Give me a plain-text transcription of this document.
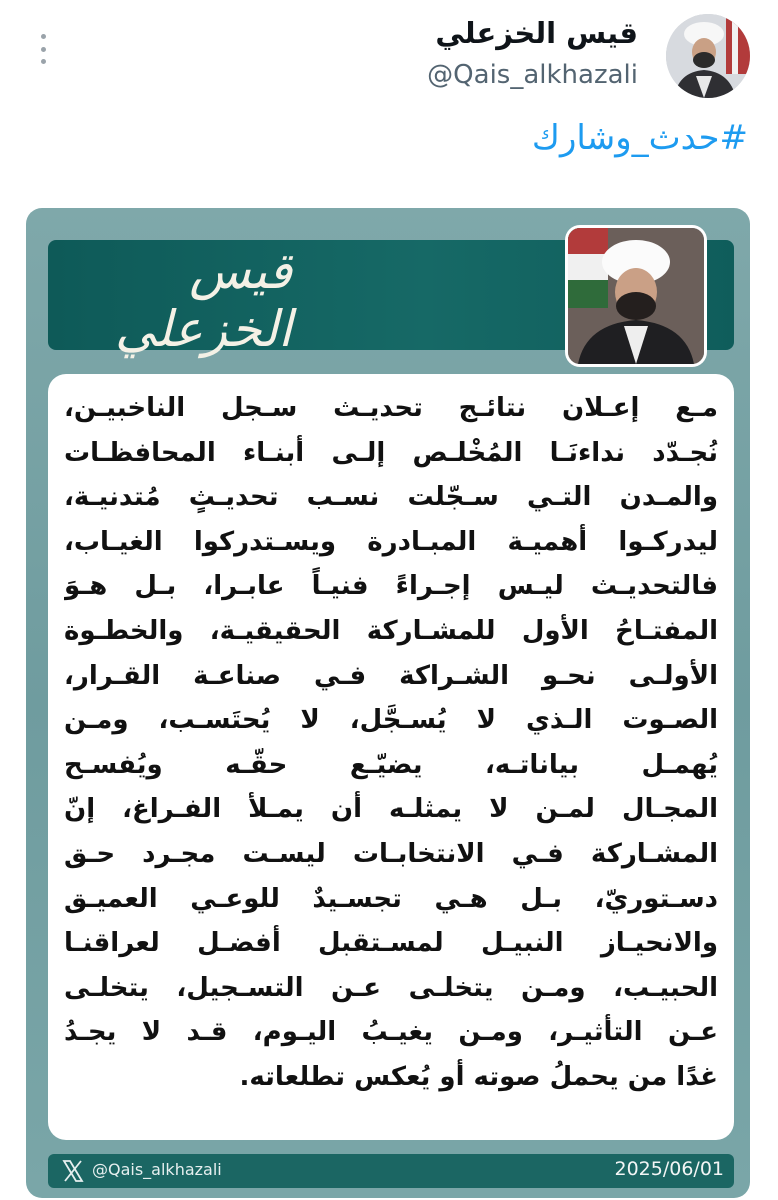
قيس الخزعلي
@Qais_alkhazali
#حدث_وشارك
قيس الخزعلي
مـع إعـلان نتائـج تحديـث سـجل الناخبيـن،
نُجـدّد نداءنَـا المُخْلـص إلـى أبنـاء المحافظـات
والمـدن التـي سـجّلت نسـب تحديـثٍ مُتدنيـة،
ليدركـوا أهميـة المبـادرة ويسـتدركوا الغيـاب،
فالتحديـث ليـس إجـراءً فنيـاً عابـرا، بـل هـوَ
المفتـاحُ الأول للمشـاركة الحقيقيـة، والخطـوة
الأولـى نحـو الشـراكة فـي صناعـة القـرار،
الصـوت الـذي لا يُسـجَّل، لا يُحتَسـب، ومـن
يُهمـل بياناتـه، يضيّـع حقّـه ويُفسـح
المجـال لمـن لا يمثلـه أن يمـلأ الفـراغ، إنّ
المشـاركة فـي الانتخابـات ليسـت مجـرد حـق
دسـتوريّ، بـل هـي تجسـيدٌ للوعـي العميـق
والانحيـاز النبيـل لمسـتقبل أفضـل لعراقنـا
الحبيـب، ومـن يتخلـى عـن التسـجيل، يتخلـى
عـن التأثيـر، ومـن يغيـبُ اليـوم، قـد لا يجـدُ
غدًا من يحملُ صوته أو يُعكس تطلعاته.
@Qais_alkhazali	2025/06/01
